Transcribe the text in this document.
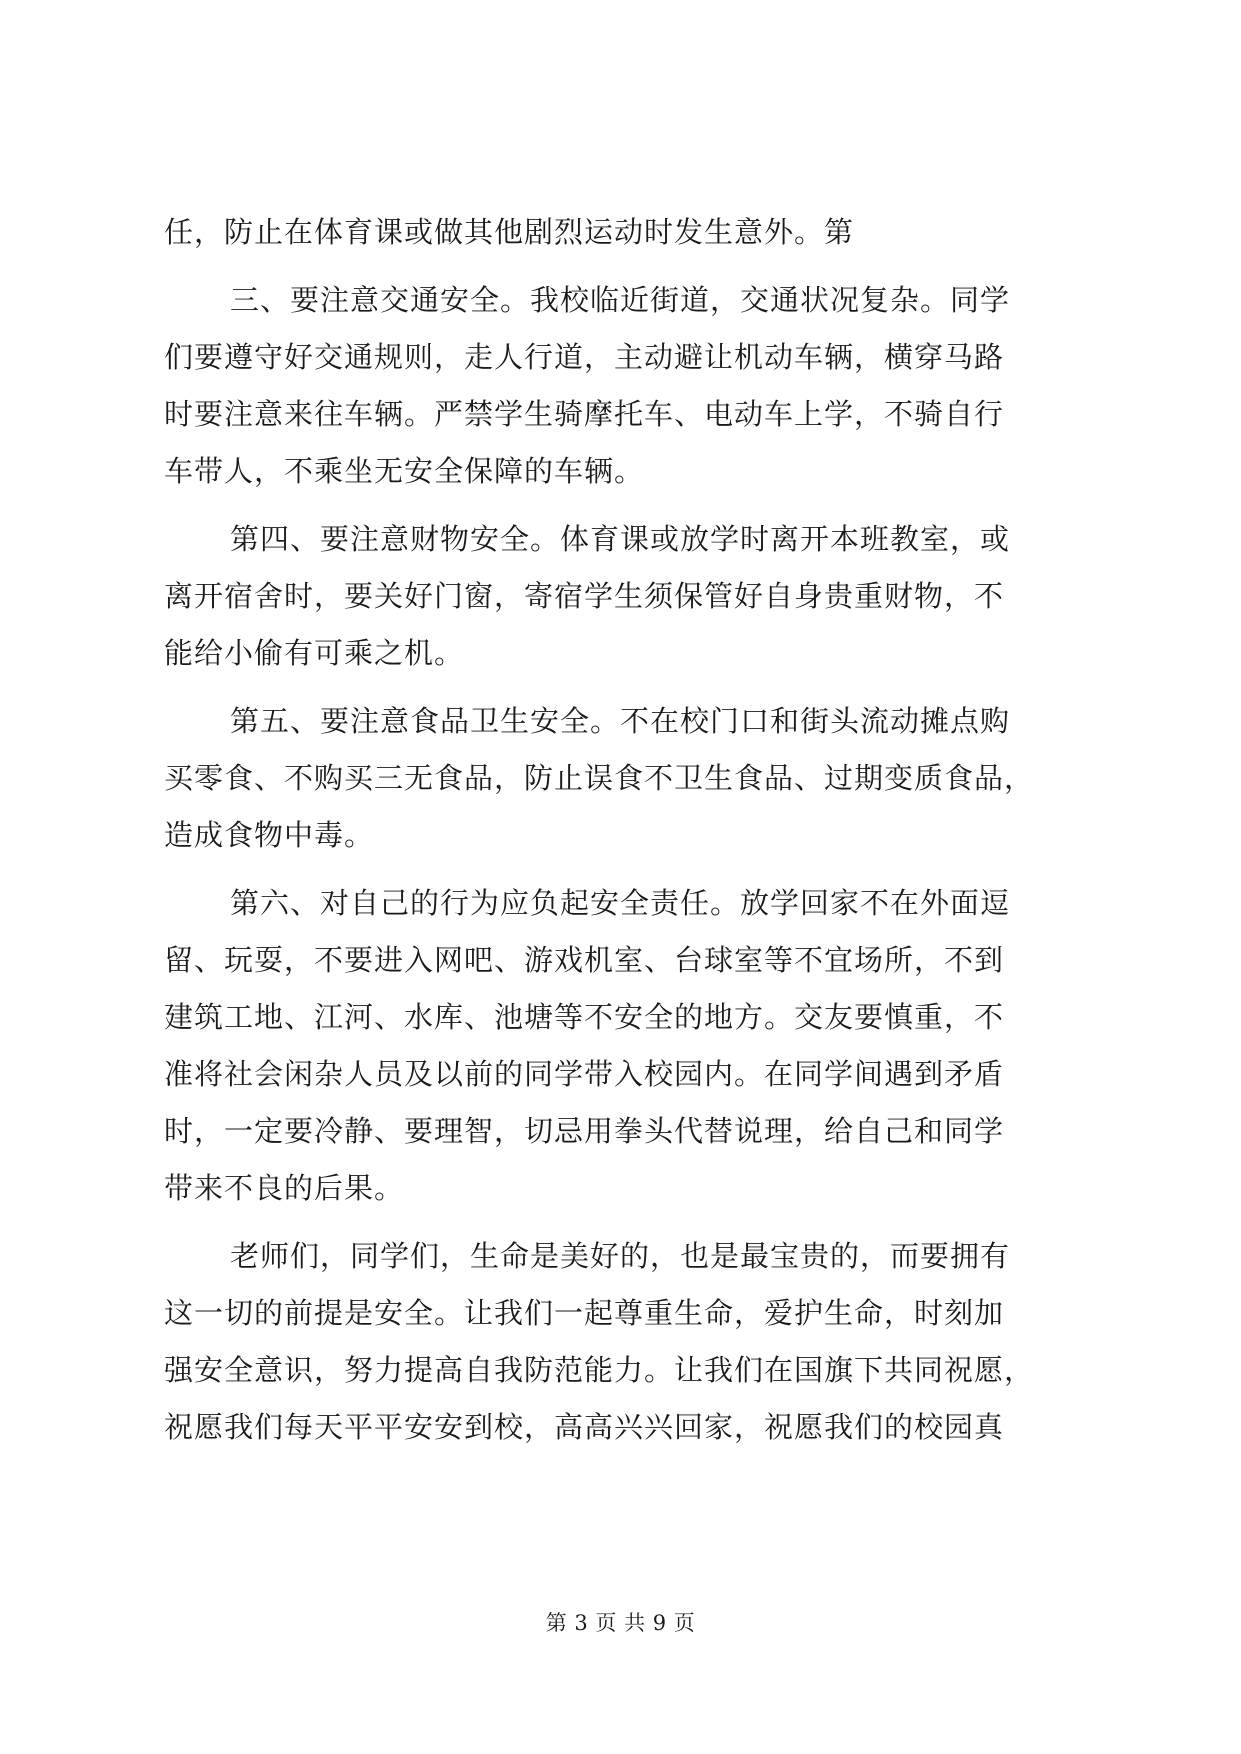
任，防止在体育课或做其他剧烈运动时发生意外。第
三、要注意交通安全。我校临近街道，交通状况复杂。同学
们要遵守好交通规则，走人行道，主动避让机动车辆，横穿马路
时要注意来往车辆。严禁学生骑摩托车、电动车上学，不骑自行
车带人，不乘坐无安全保障的车辆。
第四、要注意财物安全。体育课或放学时离开本班教室，或
离开宿舍时，要关好门窗，寄宿学生须保管好自身贵重财物，不
能给小偷有可乘之机。
第五、要注意食品卫生安全。不在校门口和街头流动摊点购
买零食、不购买三无食品，防止误食不卫生食品、过期变质食品，
造成食物中毒。
第六、对自己的行为应负起安全责任。放学回家不在外面逗
留、玩耍，不要进入网吧、游戏机室、台球室等不宜场所，不到
建筑工地、江河、水库、池塘等不安全的地方。交友要慎重，不
准将社会闲杂人员及以前的同学带入校园内。在同学间遇到矛盾
时，一定要冷静、要理智，切忌用拳头代替说理，给自己和同学
带来不良的后果。
老师们，同学们，生命是美好的，也是最宝贵的，而要拥有
这一切的前提是安全。让我们一起尊重生命，爱护生命，时刻加
强安全意识，努力提高自我防范能力。让我们在国旗下共同祝愿，
祝愿我们每天平平安安到校，高高兴兴回家，祝愿我们的校园真
第 3 页 共 9 页
